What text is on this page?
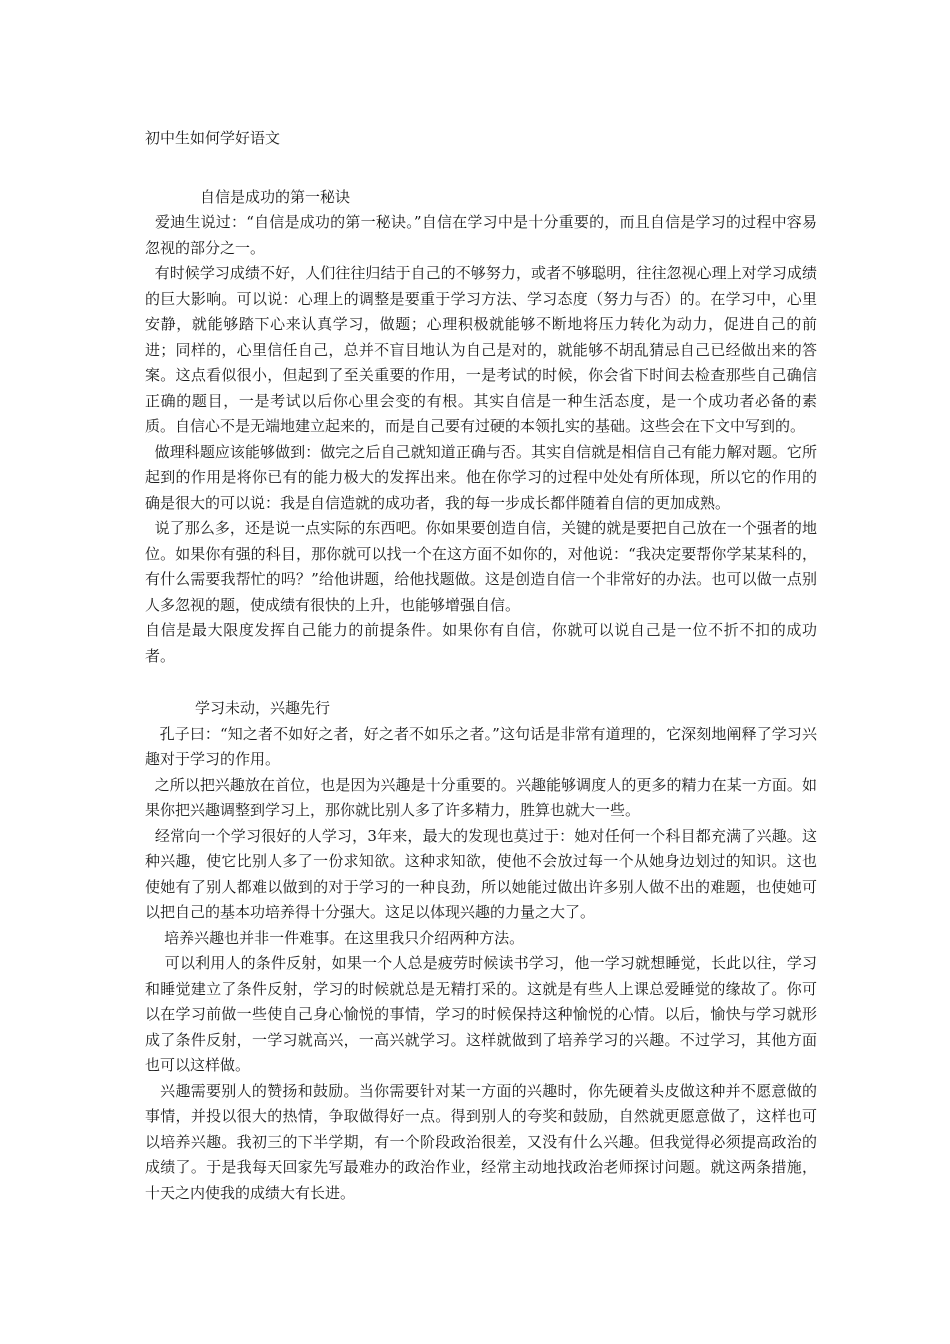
初中生如何学好语文
自信是成功的第一秘诀

爱迪生说过：“自信是成功的第一秘诀。”自信在学习中是十分重要的，而且自信是学习的过程中容易忽视的部分之一。

有时候学习成绩不好，人们往往归结于自己的不够努力，或者不够聪明，往往忽视心理上对学习成绩的巨大影响。可以说：心理上的调整是要重于学习方法、学习态度（努力与否）的。在学习中，心里安静，就能够踏下心来认真学习，做题；心理积极就能够不断地将压力转化为动力，促进自己的前进；同样的，心里信任自己，总并不盲目地认为自己是对的，就能够不胡乱猜忌自己已经做出来的答案。这点看似很小，但起到了至关重要的作用，一是考试的时候，你会省下时间去检查那些自己确信正确的题目，一是考试以后你心里会变的有根。其实自信是一种生活态度，是一个成功者必备的素质。自信心不是无端地建立起来的，而是自己要有过硬的本领扎实的基础。这些会在下文中写到的。

做理科题应该能够做到：做完之后自己就知道正确与否。其实自信就是相信自己有能力解对题。它所起到的作用是将你已有的能力极大的发挥出来。他在你学习的过程中处处有所体现，所以它的作用的确是很大的可以说：我是自信造就的成功者，我的每一步成长都伴随着自信的更加成熟。

说了那么多，还是说一点实际的东西吧。你如果要创造自信，关键的就是要把自己放在一个强者的地位。如果你有强的科目，那你就可以找一个在这方面不如你的，对他说：“我决定要帮你学某某科的，有什么需要我帮忙的吗？”给他讲题，给他找题做。这是创造自信一个非常好的办法。也可以做一点别人多忽视的题，使成绩有很快的上升，也能够增强自信。

自信是最大限度发挥自己能力的前提条件。如果你有自信，你就可以说自己是一位不折不扣的成功者。

学习未动，兴趣先行

孔子曰：“知之者不如好之者，好之者不如乐之者。”这句话是非常有道理的，它深刻地阐释了学习兴趣对于学习的作用。

之所以把兴趣放在首位，也是因为兴趣是十分重要的。兴趣能够调度人的更多的精力在某一方面。如果你把兴趣调整到学习上，那你就比别人多了许多精力，胜算也就大一些。

经常向一个学习很好的人学习，3年来，最大的发现也莫过于：她对任何一个科目都充满了兴趣。这种兴趣，使它比别人多了一份求知欲。这种求知欲，使他不会放过每一个从她身边划过的知识。这也使她有了别人都难以做到的对于学习的一种良劲，所以她能过做出许多别人做不出的难题，也使她可以把自己的基本功培养得十分强大。这足以体现兴趣的力量之大了。

培养兴趣也并非一件难事。在这里我只介绍两种方法。

可以利用人的条件反射，如果一个人总是疲劳时候读书学习，他一学习就想睡觉，长此以往，学习和睡觉建立了条件反射，学习的时候就总是无精打采的。这就是有些人上课总爱睡觉的缘故了。你可以在学习前做一些使自己身心愉悦的事情，学习的时候保持这种愉悦的心情。以后，愉快与学习就形成了条件反射，一学习就高兴，一高兴就学习。这样就做到了培养学习的兴趣。不过学习，其他方面也可以这样做。

兴趣需要别人的赞扬和鼓励。当你需要针对某一方面的兴趣时，你先硬着头皮做这种并不愿意做的事情，并投以很大的热情，争取做得好一点。得到别人的夸奖和鼓励，自然就更愿意做了，这样也可以培养兴趣。我初三的下半学期，有一个阶段政治很差，又没有什么兴趣。但我觉得必须提高政治的成绩了。于是我每天回家先写最难办的政治作业，经常主动地找政治老师探讨问题。就这两条措施，十天之内使我的成绩大有长进。
